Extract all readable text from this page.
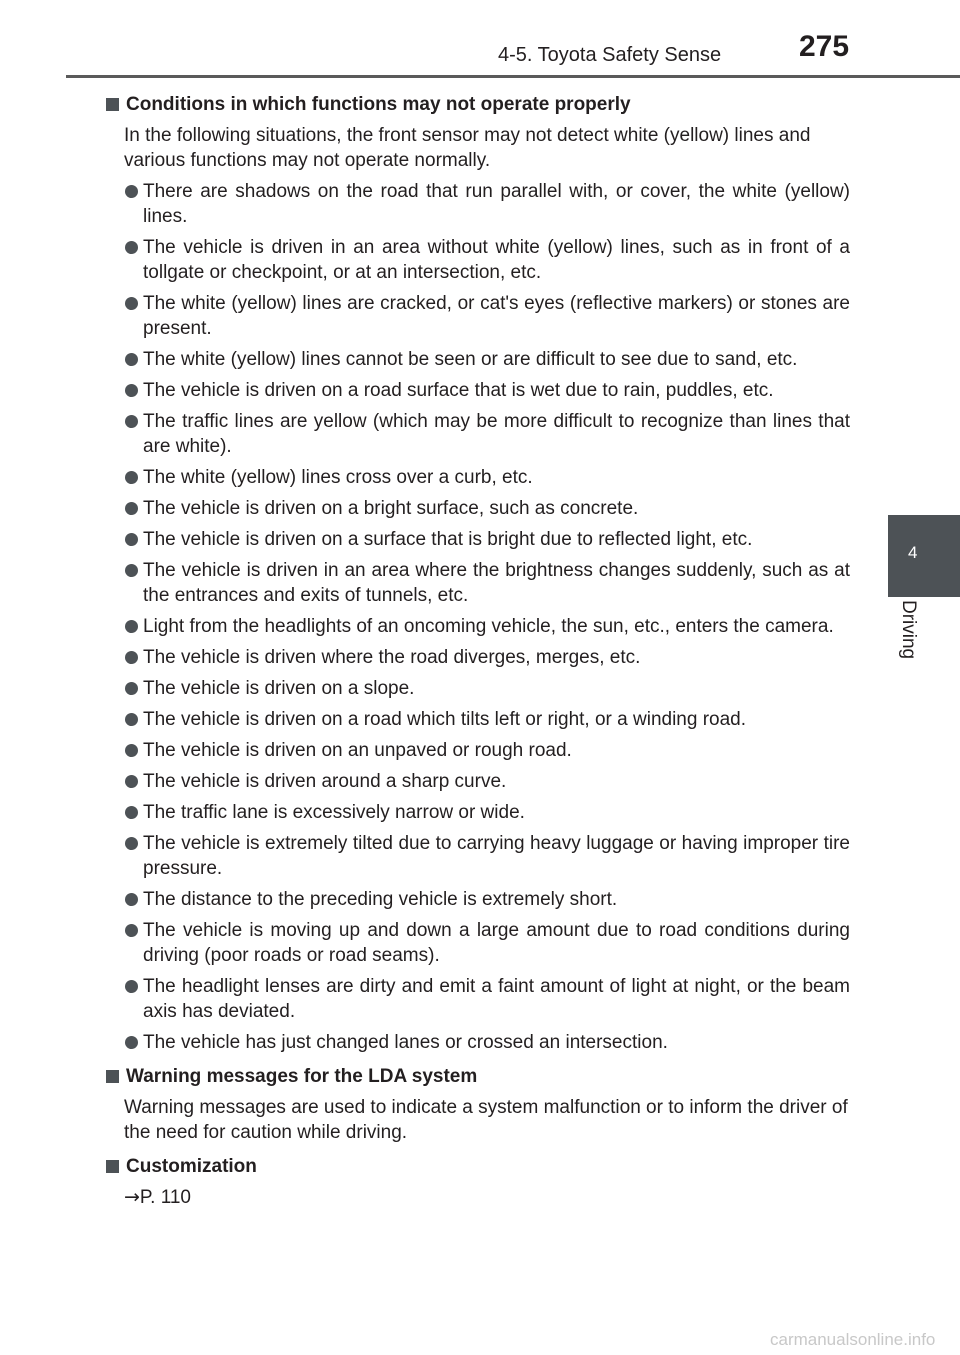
4-5. Toyota Safety Sense	275
4
Driving
Conditions in which functions may not operate properly
In the following situations, the front sensor may not detect white (yellow) lines and various functions may not operate normally.
There are shadows on the road that run parallel with, or cover, the white (yellow) lines.
The vehicle is driven in an area without white (yellow) lines, such as in front of a tollgate or checkpoint, or at an intersection, etc.
The white (yellow) lines are cracked, or cat's eyes (reflective markers) or stones are present.
The white (yellow) lines cannot be seen or are difficult to see due to sand, etc.
The vehicle is driven on a road surface that is wet due to rain, puddles, etc.
The traffic lines are yellow (which may be more difficult to recognize than lines that are white).
The white (yellow) lines cross over a curb, etc.
The vehicle is driven on a bright surface, such as concrete.
The vehicle is driven on a surface that is bright due to reflected light, etc.
The vehicle is driven in an area where the brightness changes suddenly, such as at the entrances and exits of tunnels, etc.
Light from the headlights of an oncoming vehicle, the sun, etc., enters the camera.
The vehicle is driven where the road diverges, merges, etc.
The vehicle is driven on a slope.
The vehicle is driven on a road which tilts left or right, or a winding road.
The vehicle is driven on an unpaved or rough road.
The vehicle is driven around a sharp curve.
The traffic lane is excessively narrow or wide.
The vehicle is extremely tilted due to carrying heavy luggage or having improper tire pressure.
The distance to the preceding vehicle is extremely short.
The vehicle is moving up and down a large amount due to road conditions during driving (poor roads or road seams).
The headlight lenses are dirty and emit a faint amount of light at night, or the beam axis has deviated.
The vehicle has just changed lanes or crossed an intersection.
Warning messages for the LDA system
Warning messages are used to indicate a system malfunction or to inform the driver of the need for caution while driving.
Customization
→P. 110
carmanualsonline.info
